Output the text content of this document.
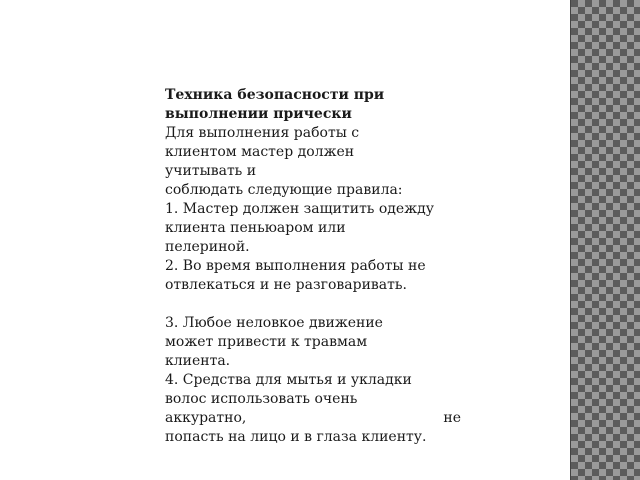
Техника безопасности при
выполнении прически
Для выполнения работы с
клиентом мастер должен
учитывать и
соблюдать следующие правила:
1. Мастер должен защитить одежду
клиента пеньюаром или
пелериной.
2. Во время выполнения работы не
отвлекаться и не разговаривать.
3. Любое неловкое движение
может привести к травмам
клиента.
4. Средства для мытья и укладки
волос использовать очень
аккуратно,	не
попасть на лицо и в глаза клиенту.
